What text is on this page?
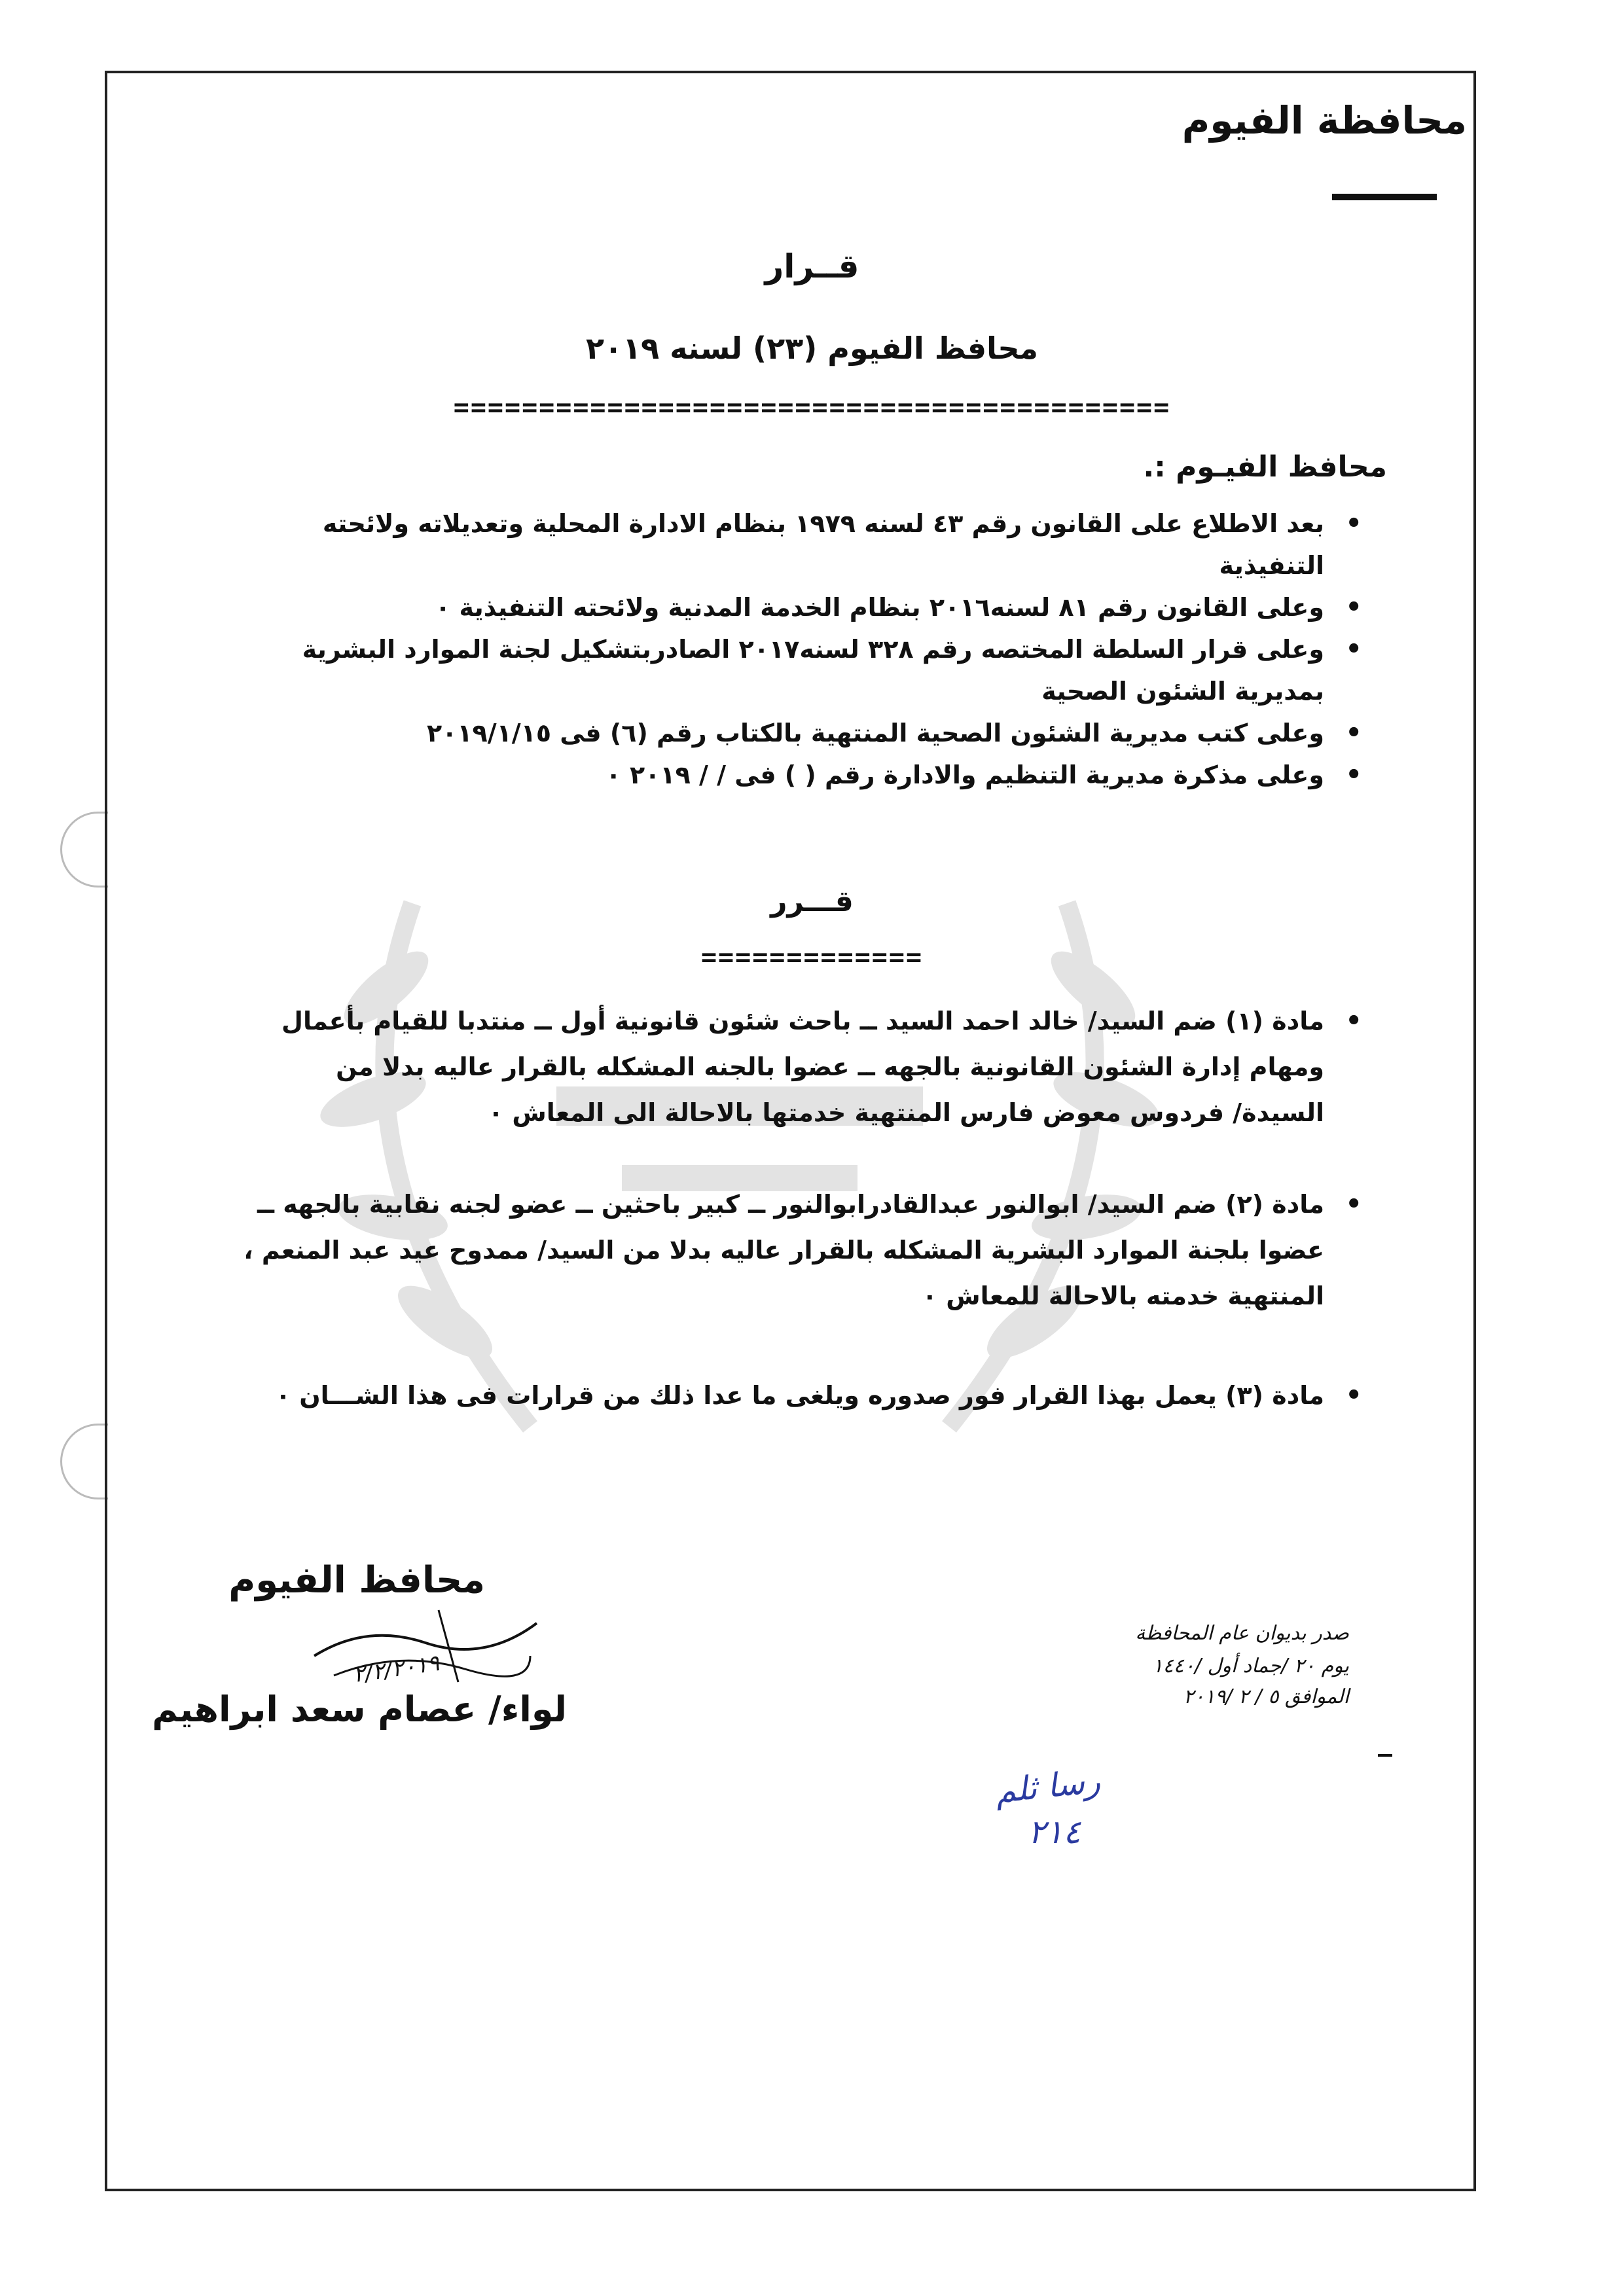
محافظة الفيوم
قــرار
محافظ الفيوم (٢٣) لسنه ٢٠١٩
==========================================
محافظ الفيـوم :.
• بعد الاطلاع على القانون رقم ٤٣ لسنه ١٩٧٩ بنظام الادارة المحلية وتعديلاته ولائحته التنفيذية
• وعلى القانون رقم ٨١ لسنه٢٠١٦ بنظام الخدمة المدنية ولائحته التنفيذية ٠
• وعلى قرار السلطة المختصه رقم ٣٢٨ لسنه٢٠١٧ الصادربتشكيل لجنة الموارد البشرية بمديرية الشئون الصحية
• وعلى كتب مديرية الشئون الصحية المنتهية بالكتاب رقم (٦) فى ٢٠١٩/١/١٥
• وعلى مذكرة مديرية التنظيم والادارة رقم ( ) فى / / ٢٠١٩ ٠
قـــرر
=============
• مادة (١) ضم السيد/ خالد احمد السيد ــ باحث شئون قانونية أول ــ منتدبا للقيام بأعمال ومهام إدارة الشئون القانونية بالجهه ــ عضوا بالجنه المشكله بالقرار عاليه بدلا من السيدة/ فردوس معوض فارس المنتهية خدمتها بالاحالة الى المعاش ٠
• مادة (٢) ضم السيد/ ابوالنور عبدالقادرابوالنور ــ كبير باحثين ــ عضو لجنه نقابية بالجهه ــ عضوا بلجنة الموارد البشرية المشكله بالقرار عاليه بدلا من السيد/ ممدوح عيد عبد المنعم ، المنتهية خدمته بالاحالة للمعاش ٠
• مادة (٣) يعمل بهذا القرار فور صدوره ويلغى ما عدا ذلك من قرارات فى هذا الشـــان ٠
محافظ الفيوم
٢/٢/٢٠١٩
لواء/ عصام سعد ابراهيم
صدر بديوان عام المحافظة
يوم ٢٠ /جماد أول /١٤٤٠
الموافق ٥ / ٢ /٢٠١٩
رسا ثلم
٢١٤
